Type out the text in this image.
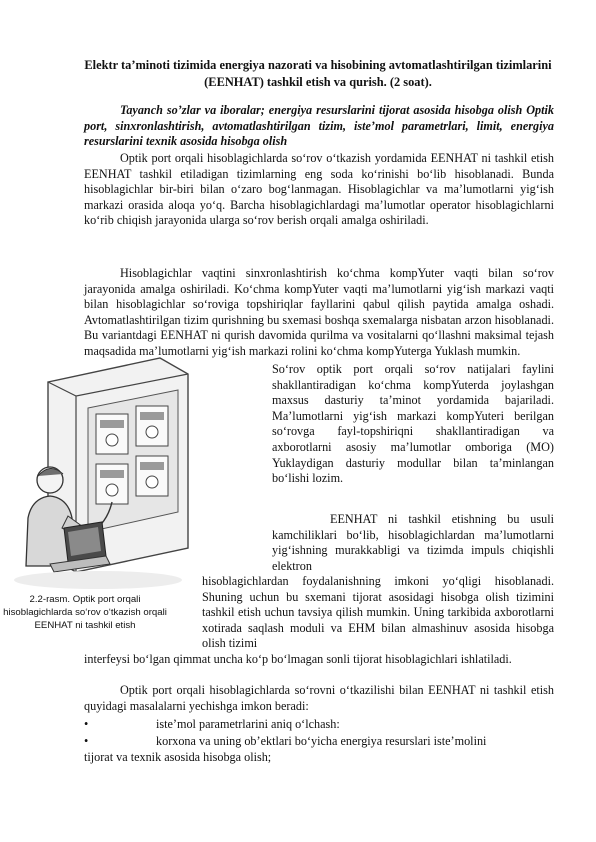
Elektr ta’minoti tizimida energiya nazorati va hisobining avtomatlashtirilgan tizimlarini (EENHAT) tashkil etish va qurish. (2 soat).
Tayanch so’zlar va iboralar; energiya resurslarini tijorat asosida hisobga olish Optik port, sinxronlashtirish, avtomatlashtirilgan tizim, iste’mol parametrlari, limit, energiya resurslarini texnik asosida hisobga olish
Optik port orqali hisoblagichlarda so‘rov o‘tkazish yordamida EENHAT ni tashkil etish EENHAT tashkil etiladigan tizimlarning eng soda ko‘rinishi bo‘lib hisoblanadi. Bunda hisoblagichlar bir-biri bilan o‘zaro bog‘lanmagan. Hisoblagichlar va ma’lumotlarni yig‘ish markazi orasida aloqa yo‘q. Barcha hisoblagichlardagi ma’lumotlar operator hisoblagichlarni ko‘rib chiqish jarayonida ularga so‘rov berish orqali amalga oshiriladi.
Hisoblagichlar vaqtini sinxronlashtirish ko‘chma kompYuter vaqti bilan so‘rov jarayonida amalga oshiriladi. Ko‘chma kompYuter vaqti ma’lumotlarni yig‘ish markazi vaqti bilan hisoblagichlar so‘roviga topshiriqlar fayllarini qabul qilish paytida amalga oshadi. Avtomatlashtirilgan tizim qurishning bu sxemasi boshqa sxemalarga nisbatan arzon hisoblanadi. Bu variantdagi EENHAT ni qurish davomida qurilma va vositalarni qo‘llashni maksimal tejash maqsadida ma’lumotlarni yig‘ish markazi rolini ko‘chma kompYuterga Yuklash mumkin.
So‘rov optik port orqali so‘rov natijalari faylini shakllantiradigan ko‘chma kompYuterda joylashgan maxsus dasturiy ta’minot yordamida bajariladi. Ma’lumotlarni yig‘ish markazi kompYuteri berilgan so‘rovga fayl-topshiriqni shakllantiradigan va axborotlarni asosiy ma’lumotlar omboriga (MO) Yuklaydigan dasturiy modullar bilan ta’minlangan bo‘lishi lozim.
EENHAT ni tashkil etishning bu usuli kamchiliklari bo‘lib, hisoblagichlardan ma’lumotlarni yig‘ishning murakkabligi va tizimda impuls chiqishli elektron
hisoblagichlardan foydalanishning imkoni yo‘qligi hisoblanadi. Shuning uchun bu sxemani tijorat asosidagi hisobga olish tizimini tashkil etish uchun tavsiya qilish mumkin. Uning tarkibida axborotlarni xotirada saqlash moduli va EHM bilan almashinuv asosida hisobga olish tizimi
interfeysi bo‘lgan qimmat uncha ko‘p bo‘lmagan sonli tijorat hisoblagichlari ishlatiladi.
Optik port orqali hisoblagichlarda so‘rovni o‘tkazilishi bilan EENHAT ni tashkil etish quyidagi masalalarni yechishga imkon beradi:
•	iste’mol parametrlarini aniq o‘lchash:
•	korxona va uning ob’ektlari bo‘yicha energiya resurslari iste’molini
tijorat va texnik asosida hisobga olish;
2.2-rasm. Optik port orqali hisoblagichlarda so‘rov o‘tkazish orqali EENHAT ni tashkil etish
